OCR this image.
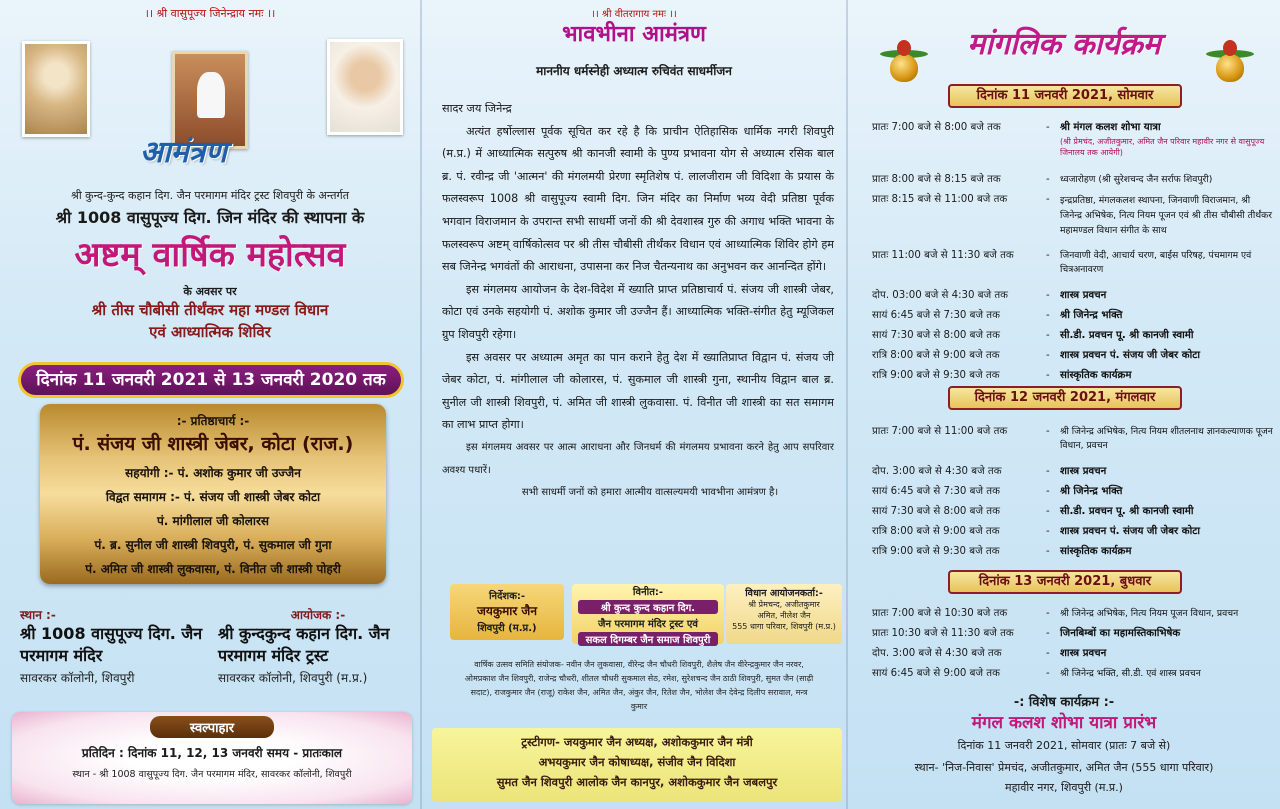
।। श्री वासुपूज्य जिनेन्द्राय नमः ।।
आमंत्रण
श्री कुन्द-कुन्द कहान दिग. जैन परमागम मंदिर ट्रस्ट शिवपुरी के अन्तर्गत
श्री 1008 वासुपूज्य दिग. जिन मंदिर की स्थापना के
अष्टम् वार्षिक महोत्सव
के अवसर पर
श्री तीस चौबीसी तीर्थंकर महा मण्डल विधान
एवं आध्यात्मिक शिविर
दिनांक 11 जनवरी 2021 से 13 जनवरी 2020 तक
:- प्रतिष्ठाचार्य :-
पं. संजय जी शास्त्री जेबर, कोटा (राज.)
सहयोगी :- पं. अशोक कुमार जी उज्जैन
विद्वत समागम :- पं. संजय जी शास्त्री जेबर कोटा
पं. मांगीलाल जी कोलारस
पं. ब्र. सुनील जी शास्त्री शिवपुरी, पं. सुकमाल जी गुना
पं. अमित जी शास्त्री लुकवासा, पं. विनीत जी शास्त्री पोहरी
स्थान :-
श्री 1008 वासुपूज्य दिग. जैन परमागम मंदिर
सावरकर कॉलोनी, शिवपुरी
आयोजक :-
श्री कुन्दकुन्द कहान दिग. जैन परमागम मंदिर ट्रस्ट
सावरकर कॉलोनी, शिवपुरी (म.प्र.)
स्वल्पाहार
प्रतिदिन : दिनांक 11, 12, 13 जनवरी समय - प्रातःकाल
स्थान - श्री 1008 वासुपूज्य दिग. जैन परमागम मंदिर, सावरकर कॉलोनी, शिवपुरी
।। श्री वीतरागाय नमः ।।
भावभीना आमंत्रण
माननीय धर्मस्नेही अध्यात्म रुचिवंत साधर्मीजन

सादर जय जिनेन्द्र

अत्यंत हर्षोल्लास पूर्वक सूचित कर रहे है कि प्राचीन ऐतिहासिक धार्मिक नगरी शिवपुरी (म.प्र.) में आध्यात्मिक सत्पुरुष श्री कानजी स्वामी के पुण्य प्रभावना योग से अध्यात्म रसिक बाल ब्र. पं. रवीन्द्र जी 'आत्मन' की मंगलमयी प्रेरणा स्मृतिशेष पं. लालजीराम जी विदिशा के प्रयास के फलस्वरूप 1008 श्री वासुपूज्य स्वामी दिग. जिन मंदिर का निर्माण भव्य वेदी प्रतिष्ठा पूर्वक भगवान विराजमान के उपरान्त सभी साधर्मी जनों की श्री देवशास्त्र गुरु की अगाध भक्ति भावना के फलस्वरूप अष्टम् वार्षिकोत्सव पर श्री तीस चौबीसी तीर्थंकर विधान एवं आध्यात्मिक शिविर होगे हम सब जिनेन्द्र भगवंतों की आराधना, उपासना कर निज चैतन्यनाथ का अनुभवन कर आनन्दित होंगे।

इस मंगलमय आयोजन के देश-विदेश में ख्याति प्राप्त प्रतिष्ठाचार्य पं. संजय जी शास्त्री जेबर, कोटा एवं उनके सहयोगी पं. अशोक कुमार जी उज्जैन हैं। आध्यात्मिक भक्ति-संगीत हेतु म्यूजिकल ग्रुप शिवपुरी रहेगा।

इस अवसर पर अध्यात्म अमृत का पान कराने हेतु देश में ख्यातिप्राप्त विद्वान पं. संजय जी जेबर कोटा, पं. मांगीलाल जी कोलारस, पं. सुकमाल जी शास्त्री गुना, स्थानीय विद्वान बाल ब्र. सुनील जी शास्त्री शिवपुरी, पं. अमित जी शास्त्री लुकवासा. पं. विनीत जी शास्त्री का सत समागम का लाभ प्राप्त होगा।

इस मंगलमय अवसर पर आत्म आराधना और जिनधर्म की मंगलमय प्रभावना करने हेतु आप सपरिवार अवश्य पधारें।

सभी साधर्मी जनों को हमारा आत्मीय वात्सल्यमयी भावभीना आमंत्रण है।

निर्देशक:-
जयकुमार जैन
शिवपुरी (म.प्र.)
विनीत:-
श्री कुन्द कुन्द कहान दिग.
जैन परमागम मंदिर ट्रस्ट एवं
सकल दिगम्बर जैन समाज शिवपुरी
विधान आयोजनकर्ता:-
श्री प्रेमचन्द, अजीतकुमार
अमित, नीलेश जैन
555 धागा परिवार, शिवपुरी (म.प्र.)
वार्षिक उत्सव समिति संयोजक- नवीन जैन लुकवासा, वीरेन्द्र जैन चौधरी शिवपुरी, शैलेष जैन वीरेन्द्रकुमार जैन नरवर, ओमप्रकाश जैन शिवपुरी, राजेन्द्र चौधरी, शीतल चौधरी सुकमाल सेठ, रमेश, सुरेशचन्द जैन ठाठी शिवपुरी, सुमत जैन (साढ़ी सदाट), राजकुमार जैन (राजू) राकेश जैन, अमित जैन, अंकुर जैन, रितेश जैन, भोलेश जैन देवेन्द्र दिलीप सरावाल, मन्त्र कुमार
ट्रस्टीगण- जयकुमार जैन अध्यक्ष, अशोककुमार जैन मंत्री
अभयकुमार जैन कोषाध्यक्ष, संजीव जैन विदिशा
सुमत जैन शिवपुरी आलोक जैन कानपुर, अशोककुमार जैन जबलपुर
मांगलिक कार्यक्रम
दिनांक 11 जनवरी 2021, सोमवार
प्रातः 7:00 बजे से 8:00 बजे तक	-	श्री मंगल कलश शोभा यात्रा
(श्री प्रेमचंद, अजीतकुमार, अमित जैन परिवार महावीर नगर से वासुपूज्य जिनालय तक आयेगी)
प्रातः 8:00 बजे से 8:15 बजे तक	-	ध्वजारोहण (श्री सुरेशचन्द जैन सर्राफ शिवपुरी)
प्रातः 8:15 बजे से 11:00 बजे तक	-	इन्द्रप्रतिष्ठा, मंगलकलश स्थापना, जिनवाणी विराजमान, श्री जिनेन्द्र अभिषेक, नित्य नियम पूजन एवं श्री तीस चौबीसी तीर्थंकर महामण्डल विधान संगीत के साथ
प्रातः 11:00 बजे से 11:30 बजे तक	-	जिनवाणी वेदी, आचार्य चरण, बाईस परिषह, पंचमागम एवं चित्रअनावरण
दोप. 03:00 बजे से 4:30 बजे तक	-	शास्त्र प्रवचन
सायं 6:45 बजे से 7:30 बजे तक	-	श्री जिनेन्द्र भक्ति
सायं 7:30 बजे से 8:00 बजे तक	-	सी.डी. प्रवचन पू. श्री कानजी स्वामी
रात्रि 8:00 बजे से 9:00 बजे तक	-	शास्त्र प्रवचन पं. संजय जी जेबर कोटा
रात्रि 9:00 बजे से 9:30 बजे तक	-	सांस्कृतिक कार्यक्रम
दिनांक 12 जनवरी 2021, मंगलवार
प्रातः 7:00 बजे से 11:00 बजे तक	-	श्री जिनेन्द्र अभिषेक, नित्य नियम शीतलनाथ ज्ञानकल्याणक पूजन विधान, प्रवचन
दोप. 3:00 बजे से 4:30 बजे तक	-	शास्त्र प्रवचन
सायं 6:45 बजे से 7:30 बजे तक	-	श्री जिनेन्द्र भक्ति
सायं 7:30 बजे से 8:00 बजे तक	-	सी.डी. प्रवचन पू. श्री कानजी स्वामी
रात्रि 8:00 बजे से 9:00 बजे तक	-	शास्त्र प्रवचन पं. संजय जी जेबर कोटा
रात्रि 9:00 बजे से 9:30 बजे तक	-	सांस्कृतिक कार्यक्रम
दिनांक 13 जनवरी 2021, बुधवार
प्रातः 7:00 बजे से 10:30 बजे तक	-	श्री जिनेन्द्र अभिषेक, नित्य नियम पूजन विधान, प्रवचन
प्रातः 10:30 बजे से 11:30 बजे तक	-	जिनबिम्बों का महामस्तिकाभिषेक
दोप. 3:00 बजे से 4:30 बजे तक	-	शास्त्र प्रवचन
सायं 6:45 बजे से 9:00 बजे तक	-	श्री जिनेन्द्र भक्ति, सी.डी. एवं शास्त्र प्रवचन
-: विशेष कार्यक्रम :-
मंगल कलश शोभा यात्रा प्रारंभ
दिनांक 11 जनवरी 2021, सोमवार (प्रातः 7 बजे से)
स्थान- 'निज-निवास' प्रेमचंद, अजीतकुमार, अमित जैन (555 धागा परिवार)
महावीर नगर, शिवपुरी (म.प्र.)
